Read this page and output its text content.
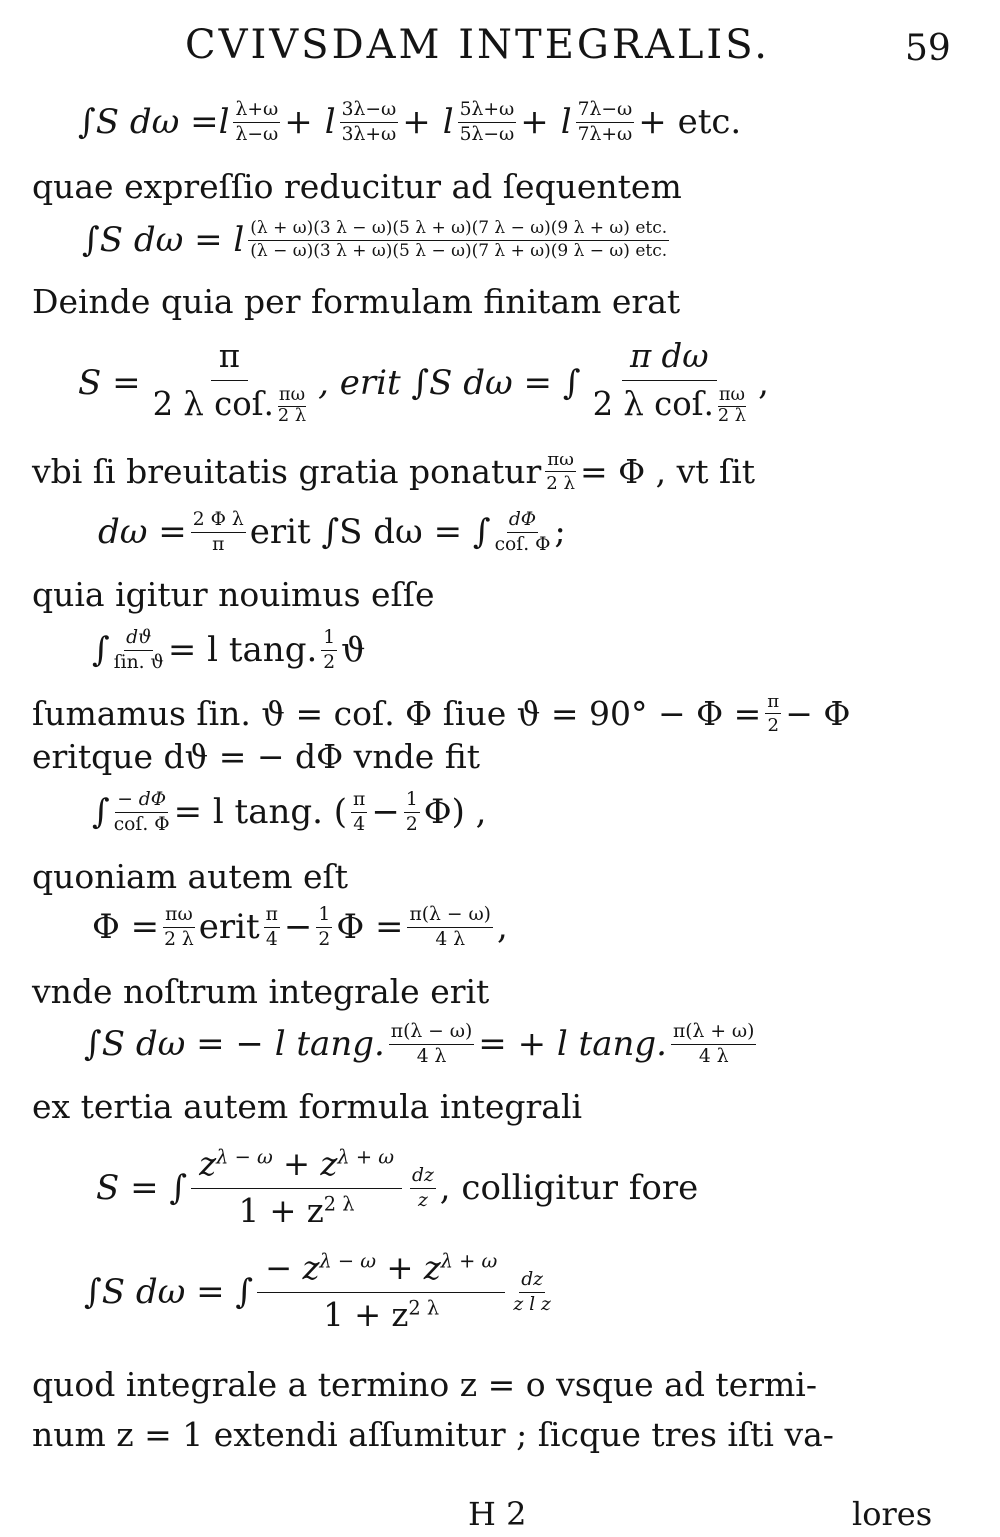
CVIVSDAM INTEGRALIS.	59
∫S dω = l $\frac{\lambda+\omega}{\lambda-\omega} + l \frac{3\lambda-\omega}{3\lambda+\omega} + l \frac{5\lambda+\omega}{5\lambda-\omega} + l \frac{7\lambda-\omega}{7\lambda+\omega}$ + etc.
quae expreſſio reducitur ad ſequentem
∫S dω = l $\frac{\text{(λ + ω)(3 λ − ω)(5 λ + ω)(7 λ − ω)(9 λ + ω) etc.}}{\text{(λ − ω)(3 λ + ω)(5 λ − ω)(7 λ + ω)(9 λ − ω) etc.}}$
Deinde quia per formulam finitam erat
$S = \frac{\pi}{2 \lambda coſ. \frac{\pi\omega}{2 \lambda}}$ , erit ∫S dω = ∫ $\frac{\text{π dω}}{2 \lambda coſ. \frac{\pi\omega}{2 \lambda}}$ ,
vbi ſi breuitatis gratia ponatur $\frac{\pi\omega}{2 \lambda} = \Phi$ , vt ſit
$d\omega = \frac{\text{2 Φ λ}}{\pi}$ erit ∫S dω = ∫ $\frac{d\Phi}{\text{coſ. Φ}}$ ;
quia igitur nouimus eſſe
∫ $\frac{dϑ}{\text{ſin. ϑ}} = l$ tang. $\frac{1}{2}$ ϑ
ſumamus ſin. ϑ = coſ. Φ ſiue $ϑ = 90^\circ - \Phi = \frac{\pi}{2} - \Phi$
eritque dϑ = − dΦ vnde fit
∫ $\frac{- d\Phi}{\text{coſ. Φ}} = l$ tang. ( $\frac{\pi}{4} - \frac{1}{2} \Phi$) ,
quoniam autem eſt
$\Phi = \frac{\pi\omega}{2 \lambda}$ erit $\frac{\pi}{4} - \frac{1}{2}$ $\Phi = \frac{\pi(\lambda - \omega)}{4 \lambda}$ ,
vnde noſtrum integrale erit
∫S dω = − l tang. $\frac{\pi(\lambda - \omega)}{4 \lambda}$ = + l tang. $\frac{\pi(\lambda + \omega)}{4 \lambda}$
ex tertia autem formula integrali
S = ∫ $\frac{z^{\lambda - \omega} + z^{\lambda + \omega}}{1 + z^{2 \lambda}} \frac{dz}{z}$ , colligitur fore
∫S dω = ∫ $\frac{- z^{\lambda - \omega} + z^{\lambda + \omega}}{1 + z^{2 \lambda}} \frac{dz}{\text{z l z}}$
quod integrale a termino z = o vsque ad termi-
num z = 1 extendi aſſumitur ; ſicque tres iſti va-
H 2	lores
